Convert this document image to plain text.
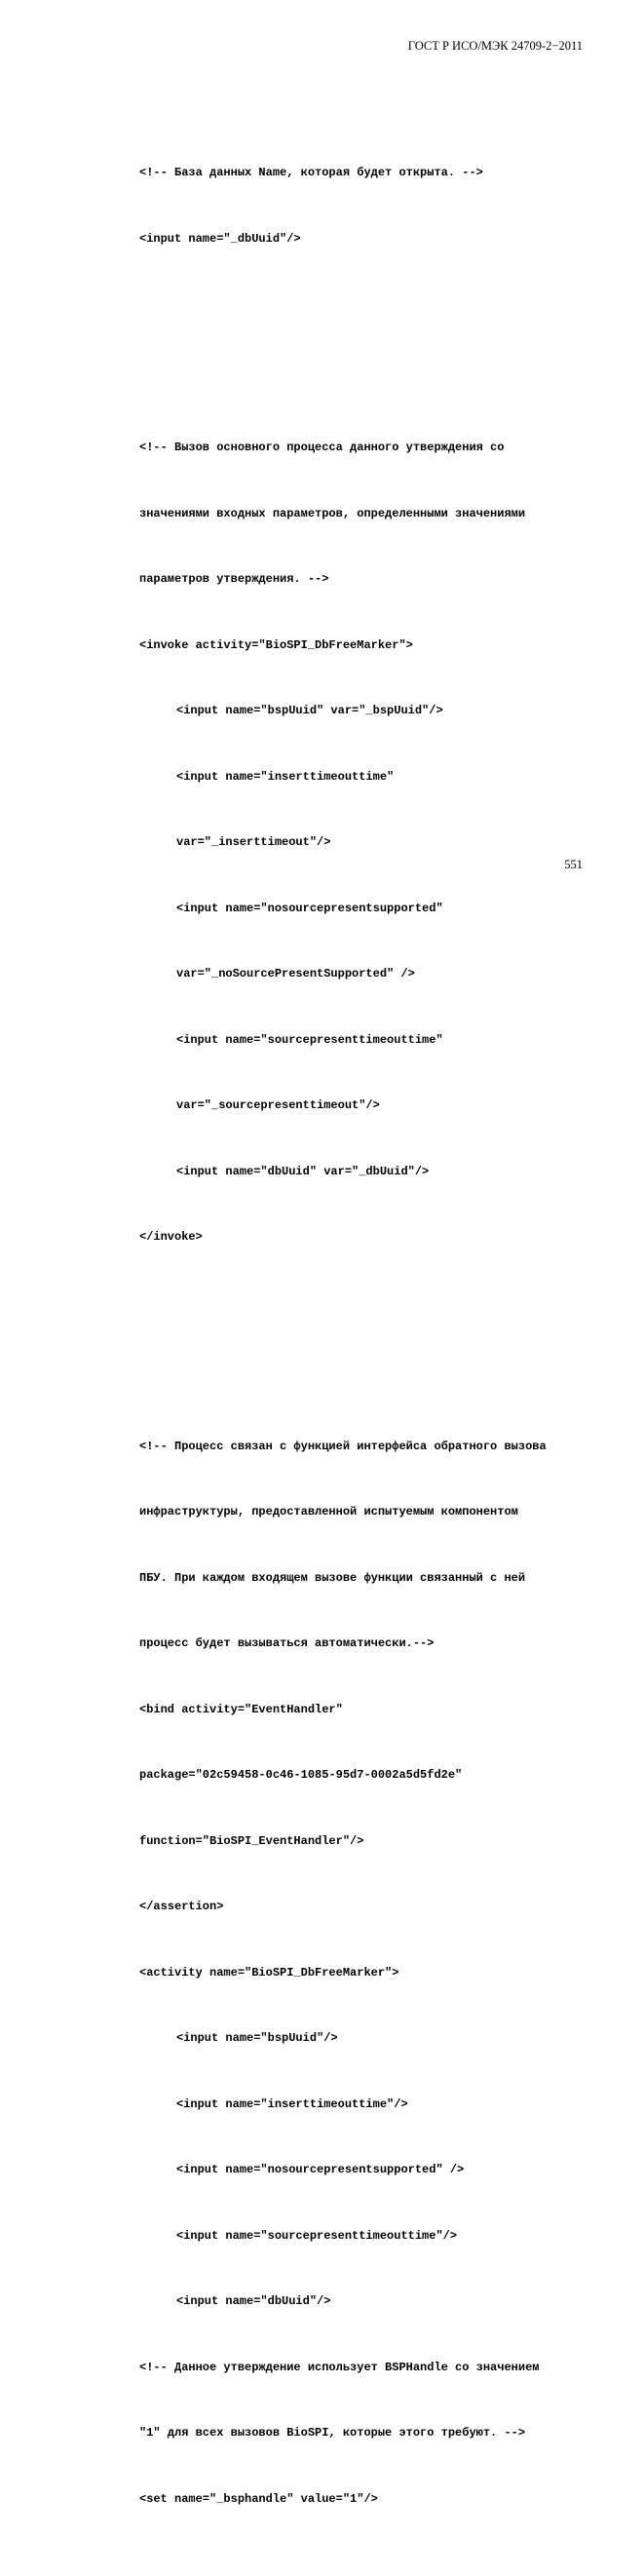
ГОСТ Р ИСО/МЭК 24709-2−2011

<!-- База данных Name, которая будет открыта. -->

<input name="_dbUuid"/>

<!-- Вызов основного процесса данного утверждения со

значениями входных параметров, определенными значениями

параметров утверждения. -->

<invoke activity="BioSPI_DbFreeMarker">

<input name="bspUuid" var="_bspUuid"/>

<input name="inserttimeouttime"

var="_inserttimeout"/>

<input name="nosourcepresentsupported"

var="_noSourcePresentSupported" />

<input name="sourcepresenttimeouttime"

var="_sourcepresenttimeout"/>

<input name="dbUuid" var="_dbUuid"/>

</invoke>

<!-- Процесс связан с функцией интерфейса обратного вызова

инфраструктуры, предоставленной испытуемым компонентом

ПБУ. При каждом входящем вызове функции связанный с ней

процесс будет вызываться автоматически.-->

<bind activity="EventHandler"

package="02c59458-0c46-1085-95d7-0002a5d5fd2e"

function="BioSPI_EventHandler"/>

</assertion>

<activity name="BioSPI_DbFreeMarker">

<input name="bspUuid"/>

<input name="inserttimeouttime"/>

<input name="nosourcepresentsupported" />

<input name="sourcepresenttimeouttime"/>

<input name="dbUuid"/>

<!-- Данное утверждение использует BSPHandle со значением

"1" для всех вызовов BioSPI, которые этого требуют. -->

<set name="_bsphandle" value="1"/>

551
